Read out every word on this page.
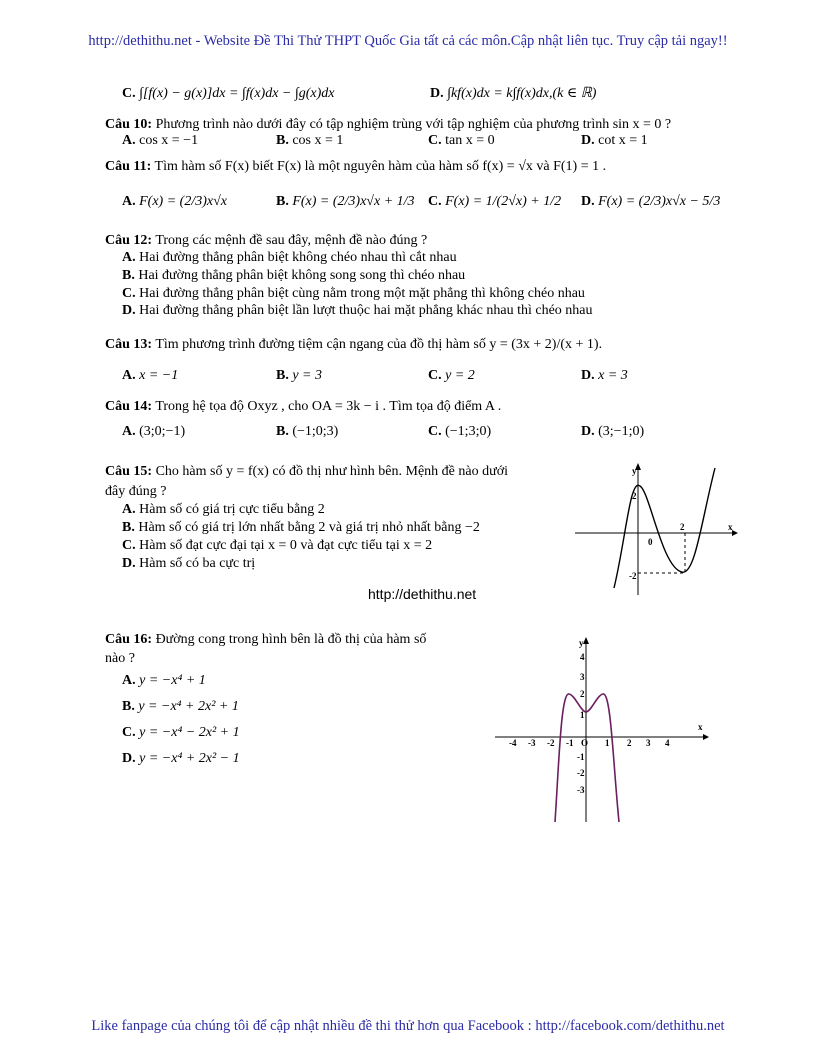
http://dethithu.net - Website Đề Thi Thử THPT Quốc Gia tất cả các môn.Cập nhật liên tục. Truy cập tải ngay!!
C. ∫[f(x) − g(x)]dx = ∫f(x)dx − ∫g(x)dx	D. ∫kf(x)dx = k∫f(x)dx,(k ∈ ℝ)
Câu 10: Phương trình nào dưới đây có tập nghiệm trùng với tập nghiệm của phương trình sin x = 0 ?
A. cos x = −1	B. cos x = 1	C. tan x = 0	D. cot x = 1
Câu 11: Tìm hàm số F(x) biết F(x) là một nguyên hàm của hàm số f(x) = √x và F(1) = 1 .
A. F(x) = (2/3)x√x	B. F(x) = (2/3)x√x + 1/3 C. F(x) = 1/(2√x) + 1/2 D. F(x) = (2/3)x√x − 5/3
Câu 12: Trong các mệnh đề sau đây, mệnh đề nào đúng ?
A. Hai đường thẳng phân biệt không chéo nhau thì cắt nhau
B. Hai đường thẳng phân biệt không song song thì chéo nhau
C. Hai đường thẳng phân biệt cùng nằm trong một mặt phẳng thì không chéo nhau
D. Hai đường thẳng phân biệt lần lượt thuộc hai mặt phẳng khác nhau thì chéo nhau
Câu 13: Tìm phương trình đường tiệm cận ngang của đồ thị hàm số y = (3x + 2)/(x + 1).
A. x = −1	B. y = 3	C. y = 2	D. x = 3
Câu 14: Trong hệ tọa độ Oxyz , cho OA = 3k − i . Tìm tọa độ điểm A .
A. (3;0;−1)	B. (−1;0;3)	C. (−1;3;0)	D. (3;−1;0)
Câu 15: Cho hàm số y = f(x) có đồ thị như hình bên. Mệnh đề nào dưới
đây đúng ?
A. Hàm số có giá trị cực tiểu bằng 2
B. Hàm số có giá trị lớn nhất bằng 2 và giá trị nhỏ nhất bằng −2
C. Hàm số đạt cực đại tại x = 0 và đạt cực tiểu tại x = 2
D. Hàm số có ba cực trị
y
x
2
2
0
-2
http://dethithu.net
Câu 16: Đường cong trong hình bên là đồ thị của hàm số
nào ?
A. y = −x⁴ + 1
B. y = −x⁴ + 2x² + 1
C. y = −x⁴ − 2x² + 1
D. y = −x⁴ + 2x² − 1
y
x
O
4
3
2
1
-1
-2
-3
-4 -3 -2 -1	1 2 3 4
Like fanpage của chúng tôi để cập nhật nhiều đề thi thử hơn qua Facebook : http://facebook.com/dethithu.net
